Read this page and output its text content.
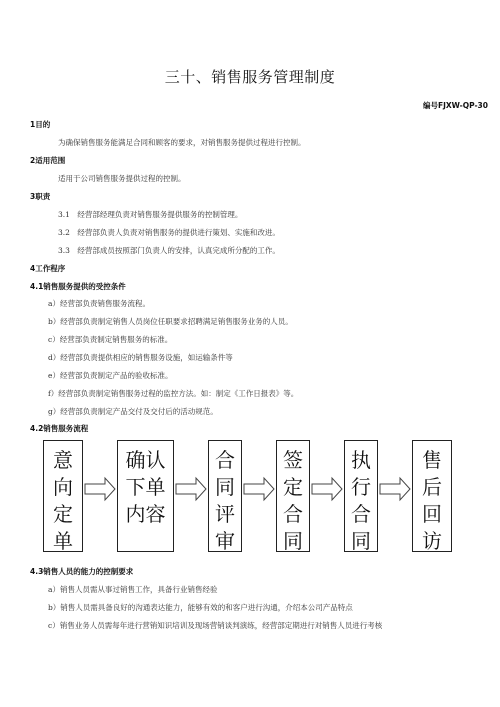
三十、销售服务管理制度
编号FJXW-QP-30
1目的
为确保销售服务能满足合同和顾客的要求，对销售服务提供过程进行控制。
2适用范围
适用于公司销售服务提供过程的控制。
3职责
3.1　经营部经理负责对销售服务提供服务的控制管理。
3.2　经营部负责人负责对销售服务的提供进行策划、实施和改进。
3.3　经营部成员按照部门负责人的安排，认真完成所分配的工作。
4工作程序
4.1销售服务提供的受控条件
a）经营部负责销售服务流程。
b）经营部负责制定销售人员岗位任职要求招聘满足销售服务业务的人员。
c）经营部负责制定销售服务的标准。
d）经营部负责提供相应的销售服务设施，如运输条件等
e）经营部负责制定产品的验收标准。
f）经营部负责制定销售服务过程的监控方法。如：制定《工作日报表》等。
g）经营部负责制定产品交付及交付后的活动规范。
4.2销售服务流程
意
向
定
单
确认
下单
内容
合
同
评
审
签
定
合
同
执
行
合
同
售
后
回
访
4.3销售人员的能力的控制要求
a）销售人员需从事过销售工作，具备行业销售经验
b）销售人员需具备良好的沟通表达能力，能够有效的和客户进行沟通，介绍本公司产品特点
c）销售业务人员需每年进行营销知识培训及现场营销谈判演练，经营部定期进行对销售人员进行考核
